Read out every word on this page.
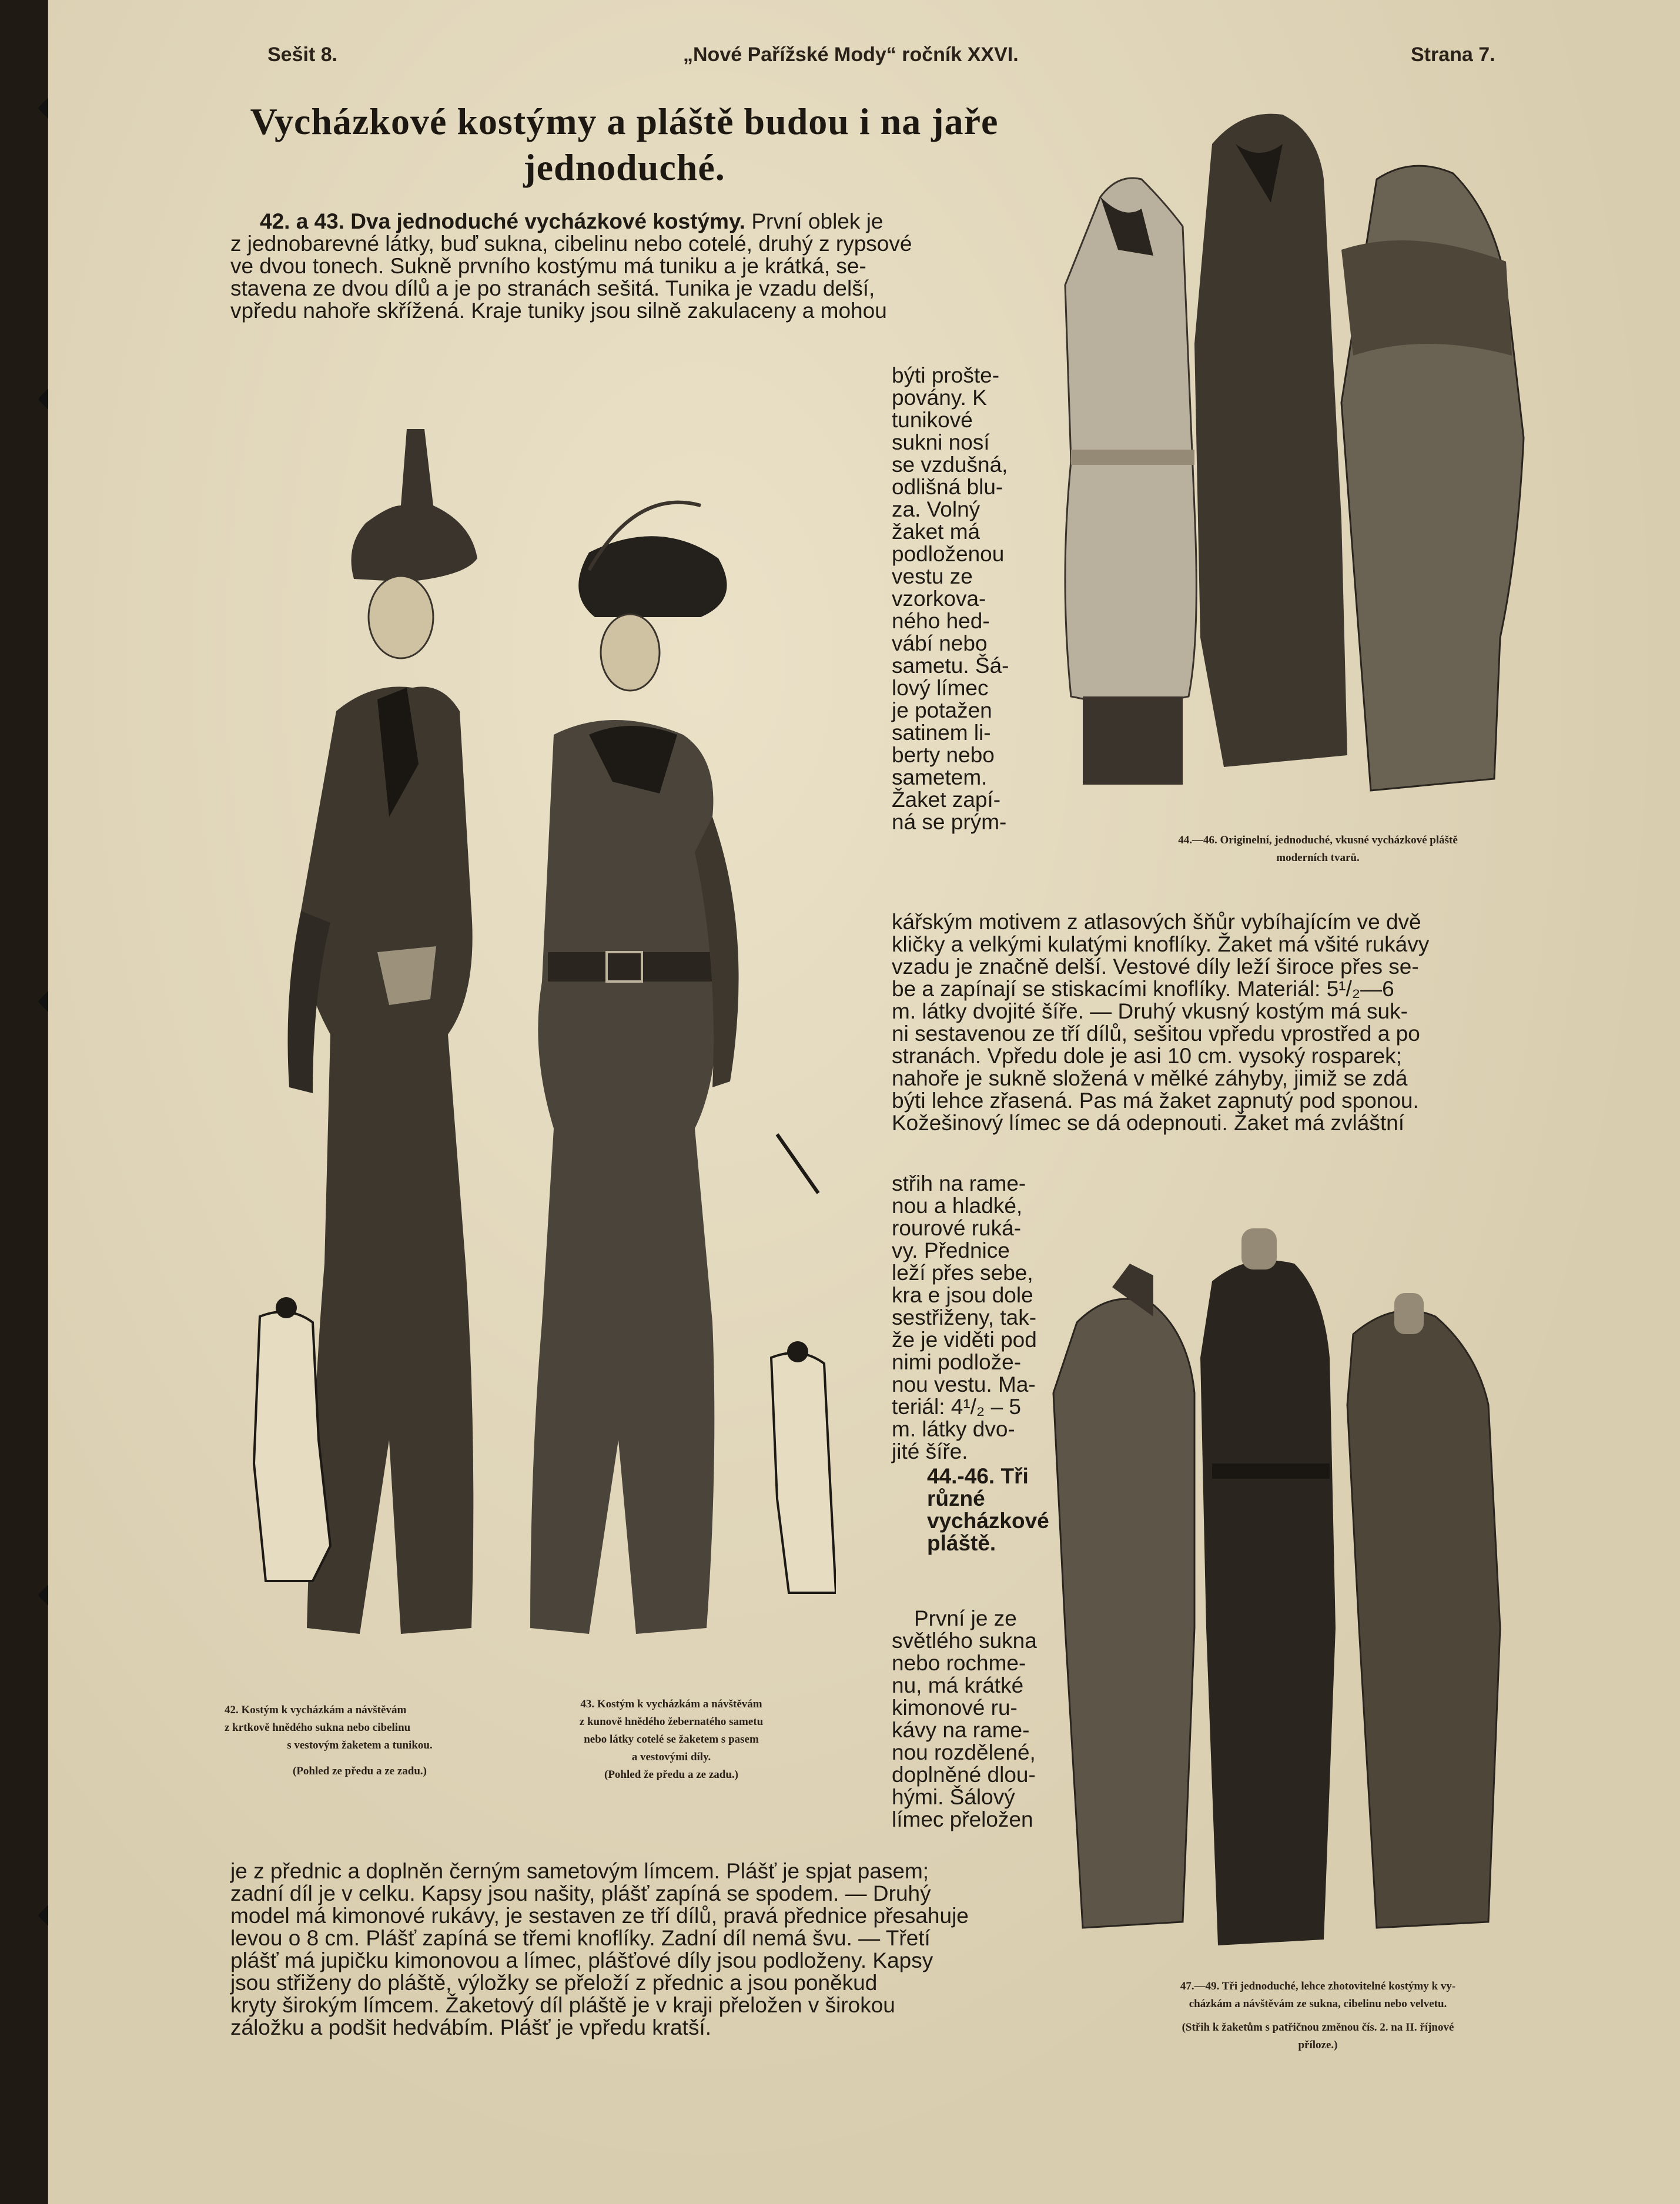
Sešit 8.	„Nové Pařížské Mody“ ročník XXVI.	Strana 7.
Vycházkové kostýmy a pláště budou i na jaře jednoduché.

42. a 43. Dva jednoduché vycházkové kostýmy. První oblek je

z jednobarevné látky, buď sukna, cibelinu nebo cotelé, druhý z rypsové

ve dvou tonech. Sukně prvního kostýmu má tuniku a je krátká, se-

stavena ze dvou dílů a je po stranách sešitá. Tunika je vzadu delší,

vpředu nahoře skřížená. Kraje tuniky jsou silně zakulaceny a mohou

býti prošte-
povány. K
tunikové
sukni nosí
se vzdušná,
odlišná blu-
za. Volný
žaket má
podloženou
vestu ze
vzorkova-
ného hed-
vábí nebo
sametu. Šá-
lový límec
je potažen
satinem li-
berty nebo
sametem.
Žaket zapí-
ná se prým-

kářským motivem z atlasových šňůr vybíhajícím ve dvě

kličky a velkými kulatými knoflíky. Žaket má všité rukávy

vzadu je značně delší. Vestové díly leží široce přes se-

be a zapínají se stiskacími knoflíky. Materiál: 5¹/₂—6

m. látky dvojité šíře. — Druhý vkusný kostým má suk-

ni sestavenou ze tří dílů, sešitou vpředu vprostřed a po

stranách. Vpředu dole je asi 10 cm. vysoký rosparek;

nahoře je sukně složená v mělké záhyby, jimiž se zdá

býti lehce zřasená. Pas má žaket zapnutý pod sponou.

Kožešinový límec se dá odepnouti. Žaket má zvláštní

střih na rame-
nou a hladké,
rourové ruká-
vy. Přednice
leží přes sebe,
kra e jsou dole
sestřiženy, tak-
že je viděti pod
nimi podlože-
nou vestu. Ma-
teriál: 4¹/₂ – 5
m. látky dvo-
jité šíře.
44.-46. Tři různé vycházkové pláště.
První je ze
světlého sukna
nebo rochme-
nu, má krátké
kimonové ru-
kávy na rame-
nou rozdělené,
doplněné dlou-
hými. Šálový
límec přeložen

je z přednic a doplněn černým sametovým límcem. Plášť je spjat pasem;

zadní díl je v celku. Kapsy jsou našity, plášť zapíná se spodem. — Druhý

model má kimonové rukávy, je sestaven ze tří dílů, pravá přednice přesahuje

levou o 8 cm. Plášť zapíná se třemi knoflíky. Zadní díl nemá švu. — Třetí

plášť má jupičku kimonovou a límec, plášťové díly jsou podloženy. Kapsy

jsou střiženy do pláště, výložky se přeloží z přednic a jsou poněkud

kryty širokým límcem. Žaketový díl pláště je v kraji přeložen v širokou

záložku a podšit hedvábím. Plášť je vpředu kratší.

42. Kostým k vycházkám a návštěvám
z krtkově hnědého sukna nebo cibelinu
s vestovým žaketem a tunikou.
(Pohled ze předu a ze zadu.)
43. Kostým k vycházkám a návštěvám
z kunově hnědého žebernatého sametu
nebo látky cotelé se žaketem s pasem
a vestovými díly.
(Pohled že předu a ze zadu.)
44.—46. Originelní, jednoduché, vkusné vycházkové pláště
moderních tvarů.
47.—49. Tři jednoduché, lehce zhotovitelné kostýmy k vy-
cházkám a návštěvám ze sukna, cibelinu nebo velvetu.
(Střih k žaketům s patřičnou změnou čís. 2. na II. říjnové
příloze.)
